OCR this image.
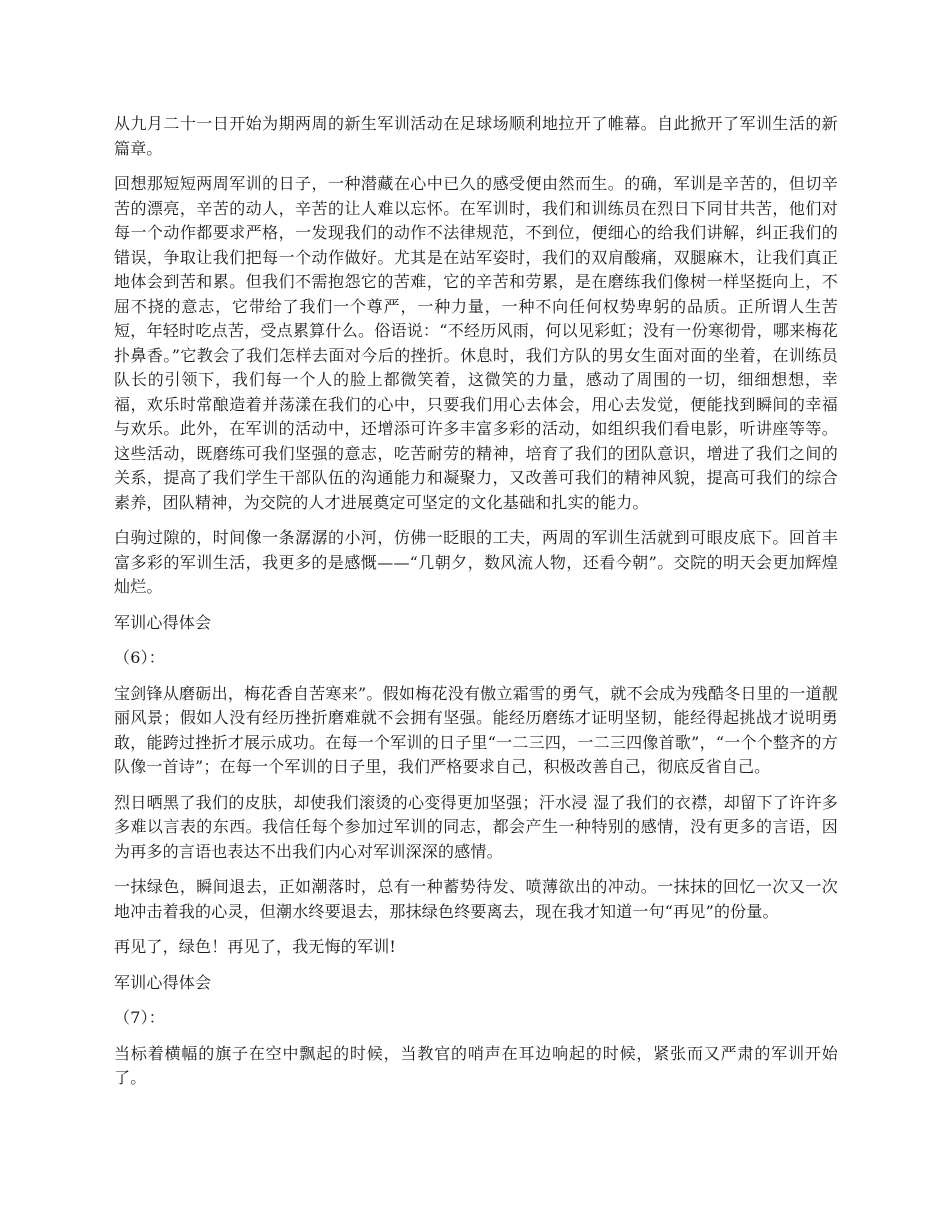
从九月二十一日开始为期两周的新生军训活动在足球场顺利地拉开了帷幕。自此掀开了军训生活的新篇章。

回想那短短两周军训的日子，一种潜藏在心中已久的感受便由然而生。的确，军训是辛苦的，但切辛苦的漂亮，辛苦的动人，辛苦的让人难以忘怀。在军训时，我们和训练员在烈日下同甘共苦，他们对每一个动作都要求严格，一发现我们的动作不法律规范，不到位，便细心的给我们讲解，纠正我们的错误，争取让我们把每一个动作做好。尤其是在站军姿时，我们的双肩酸痛，双腿麻木，让我们真正地体会到苦和累。但我们不需抱怨它的苦难，它的辛苦和劳累，是在磨练我们像树一样坚挺向上，不屈不挠的意志，它带给了我们一个尊严，一种力量，一种不向任何权势卑躬的品质。正所谓人生苦短，年轻时吃点苦，受点累算什么。俗语说：“不经历风雨，何以见彩虹；没有一份寒彻骨，哪来梅花扑鼻香。”它教会了我们怎样去面对今后的挫折。休息时，我们方队的男女生面对面的坐着，在训练员队长的引领下，我们每一个人的脸上都微笑着，这微笑的力量，感动了周围的一切，细细想想，幸福，欢乐时常酿造着并荡漾在我们的心中，只要我们用心去体会，用心去发觉，便能找到瞬间的幸福与欢乐。此外，在军训的活动中，还增添可许多丰富多彩的活动，如组织我们看电影，听讲座等等。这些活动，既磨练可我们坚强的意志，吃苦耐劳的精神，培育了我们的团队意识，增进了我们之间的关系，提高了我们学生干部队伍的沟通能力和凝聚力，又改善可我们的精神风貌，提高可我们的综合素养，团队精神，为交院的人才进展奠定可坚定的文化基础和扎实的能力。

白驹过隙的，时间像一条潺潺的小河，仿佛一眨眼的工夫，两周的军训生活就到可眼皮底下。回首丰富多彩的军训生活，我更多的是感慨——“几朝夕，数风流人物，还看今朝”。交院的明天会更加辉煌灿烂。

军训心得体会

（6）：

宝剑锋从磨砺出，梅花香自苦寒来”。假如梅花没有傲立霜雪的勇气，就不会成为残酷冬日里的一道靓丽风景；假如人没有经历挫折磨难就不会拥有坚强。能经历磨练才证明坚韧，能经得起挑战才说明勇敢，能跨过挫折才展示成功。在每一个军训的日子里“一二三四，一二三四像首歌”，“一个个整齐的方队像一首诗”；在每一个军训的日子里，我们严格要求自己，积极改善自己，彻底反省自己。

烈日晒黑了我们的皮肤，却使我们滚烫的心变得更加坚强；汗水浸 湿了我们的衣襟，却留下了许许多多难以言表的东西。我信任每个参加过军训的同志，都会产生一种特别的感情，没有更多的言语，因为再多的言语也表达不出我们内心对军训深深的感情。

一抹绿色，瞬间退去，正如潮落时，总有一种蓄势待发、喷薄欲出的冲动。一抹抹的回忆一次又一次地冲击着我的心灵，但潮水终要退去，那抹绿色终要离去，现在我才知道一句“再见”的份量。

再见了，绿色！再见了，我无悔的军训!

军训心得体会

（7）：

当标着横幅的旗子在空中飘起的时候，当教官的哨声在耳边响起的时候，紧张而又严肃的军训开始了。
